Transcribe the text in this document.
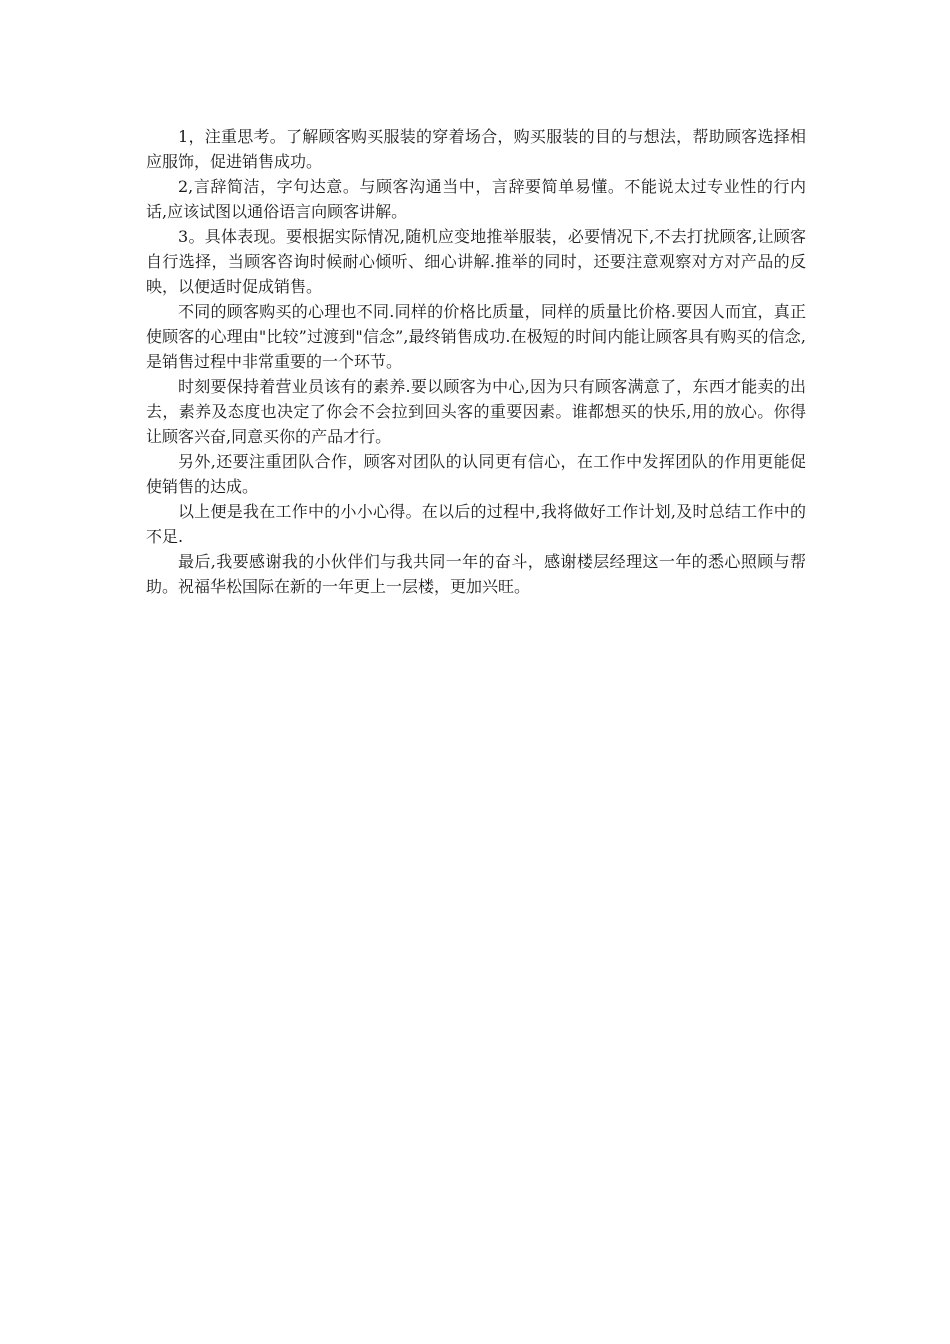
1，注重思考。了解顾客购买服装的穿着场合，购买服装的目的与想法，帮助顾客选择相应服饰，促进销售成功。

2,言辞简洁，字句达意。与顾客沟通当中，言辞要简单易懂。不能说太过专业性的行内话,应该试图以通俗语言向顾客讲解。

3。具体表现。要根据实际情况,随机应变地推举服装，必要情况下,不去打扰顾客,让顾客自行选择，当顾客咨询时候耐心倾听、细心讲解.推举的同时，还要注意观察对方对产品的反映，以便适时促成销售。

不同的顾客购买的心理也不同.同样的价格比质量，同样的质量比价格.要因人而宜，真正使顾客的心理由"比较”过渡到"信念”,最终销售成功.在极短的时间内能让顾客具有购买的信念,是销售过程中非常重要的一个环节。

时刻要保持着营业员该有的素养.要以顾客为中心,因为只有顾客满意了，东西才能卖的出去，素养及态度也决定了你会不会拉到回头客的重要因素。谁都想买的快乐,用的放心。你得让顾客兴奋,同意买你的产品才行。

另外,还要注重团队合作，顾客对团队的认同更有信心，在工作中发挥团队的作用更能促使销售的达成。

以上便是我在工作中的小小心得。在以后的过程中,我将做好工作计划,及时总结工作中的不足.

最后,我要感谢我的小伙伴们与我共同一年的奋斗，感谢楼层经理这一年的悉心照顾与帮助。祝福华松国际在新的一年更上一层楼，更加兴旺。
